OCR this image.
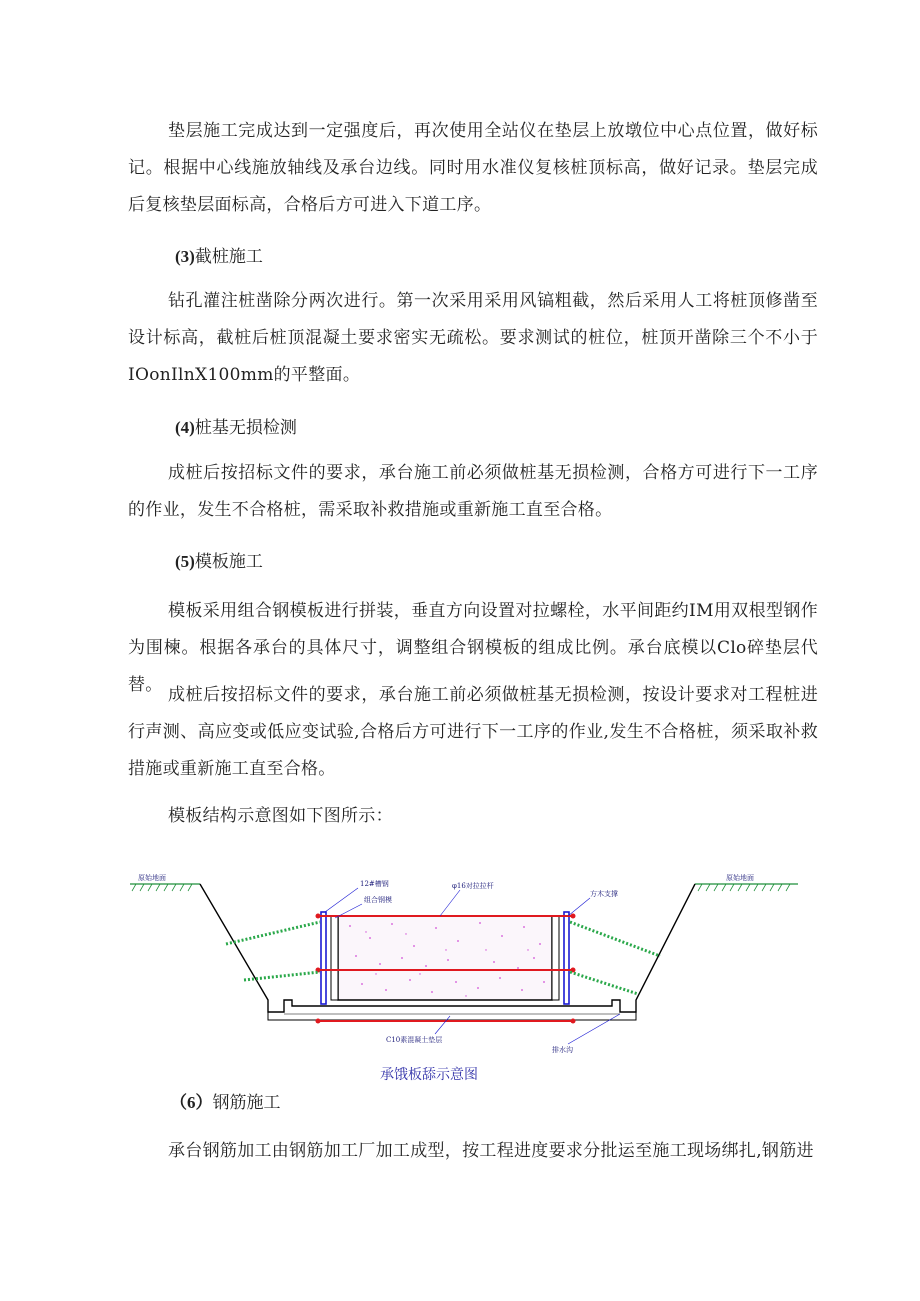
垫层施工完成达到一定强度后，再次使用全站仪在垫层上放墩位中心点位置，做好标记。根据中心线施放轴线及承台边线。同时用水准仪复核桩顶标高，做好记录。垫层完成后复核垫层面标高，合格后方可进入下道工序。

(3)截桩施工

钻孔灌注桩凿除分两次进行。第一次采用采用风镐粗截，然后采用人工将桩顶修凿至设计标高，截桩后桩顶混凝土要求密实无疏松。要求测试的桩位，桩顶开凿除三个不小于IOonIlnX100mm的平整面。

(4)桩基无损检测

成桩后按招标文件的要求，承台施工前必须做桩基无损检测，合格方可进行下一工序的作业，发生不合格桩，需采取补救措施或重新施工直至合格。

(5)模板施工

模板采用组合钢模板进行拼装，垂直方向设置对拉螺栓，水平间距约IM用双根型钢作为围楝。根据各承台的具体尺寸，调整组合钢模板的组成比例。承台底模以Clo碎垫层代替。 成桩后按招标文件的要求，承台施工前必须做桩基无损检测，按设计要求对工程桩进行声测、高应变或低应变试验,合格后方可进行下一工序的作业,发生不合格桩，须采取补救措施或重新施工直至合格。

模板结构示意图如下图所示：

原始地面	原始地面
12#槽钢
组合钢模
φ16对拉拉杆
方木支撑
C10素混凝土垫层
排水沟
承饿板舔示意图
（6）钢筋施工

承台钢筋加工由钢筋加工厂加工成型，按工程进度要求分批运至施工现场绑扎,钢筋进
